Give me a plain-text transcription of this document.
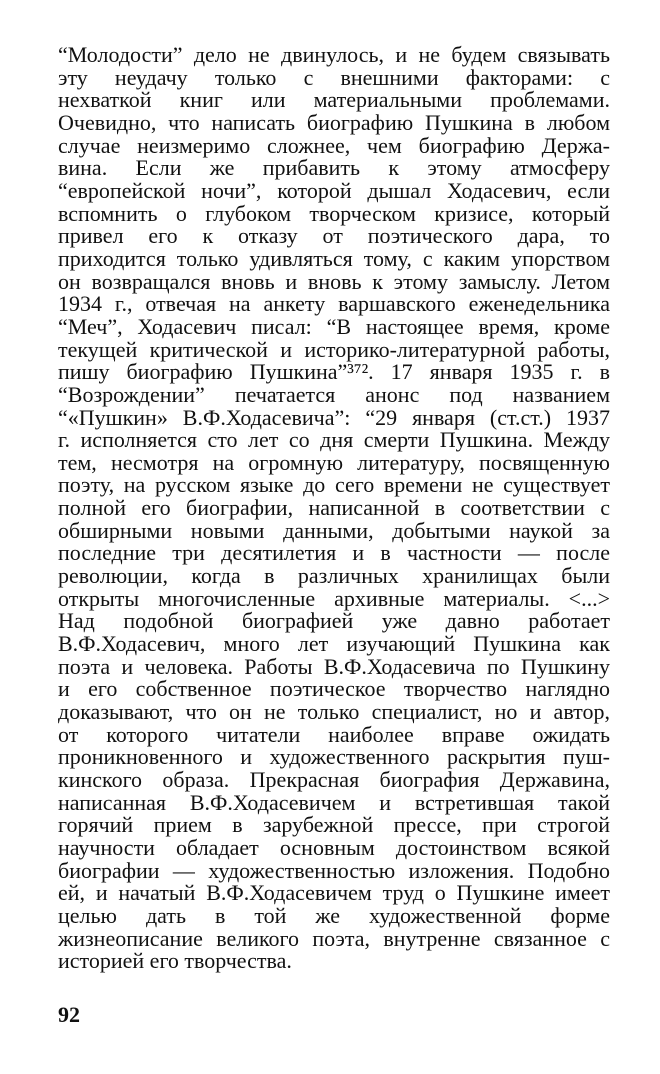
“Молодости” дело не двинулось, и не будем связывать
эту неудачу только с внешними факторами: с
нехваткой книг или материальными проблемами.
Очевидно, что написать биографию Пушкина в любом
случае неизмеримо сложнее, чем биографию Держа-
вина. Если же прибавить к этому атмосферу
“европейской ночи”, которой дышал Ходасевич, если
вспомнить о глубоком творческом кризисе, который
привел его к отказу от поэтического дара, то
приходится только удивляться тому, с каким упорством
он возвращался вновь и вновь к этому замыслу. Летом
1934 г., отвечая на анкету варшавского еженедельника
“Меч”, Ходасевич писал: “В настоящее время, кроме
текущей критической и историко-литературной работы,
пишу биографию Пушкина”³⁷². 17 января 1935 г. в
“Возрождении” печатается анонс под названием
“«Пушкин» В.Ф.Ходасевича”: “29 января (ст.ст.) 1937
г. исполняется сто лет со дня смерти Пушкина. Между
тем, несмотря на огромную литературу, посвященную
поэту, на русском языке до сего времени не существует
полной его биографии, написанной в соответствии с
обширными новыми данными, добытыми наукой за
последние три десятилетия и в частности — после
революции, когда в различных хранилищах были
открыты многочисленные архивные материалы. <...>
Над подобной биографией уже давно работает
В.Ф.Ходасевич, много лет изучающий Пушкина как
поэта и человека. Работы В.Ф.Ходасевича по Пушкину
и его собственное поэтическое творчество наглядно
доказывают, что он не только специалист, но и автор,
от которого читатели наиболее вправе ожидать
проникновенного и художественного раскрытия пуш-
кинского образа. Прекрасная биография Державина,
написанная В.Ф.Ходасевичем и встретившая такой
горячий прием в зарубежной прессе, при строгой
научности обладает основным достоинством всякой
биографии — художественностью изложения. Подобно
ей, и начатый В.Ф.Ходасевичем труд о Пушкине имеет
целью дать в той же художественной форме
жизнеописание великого поэта, внутренне связанное с
историей его творчества.
92
